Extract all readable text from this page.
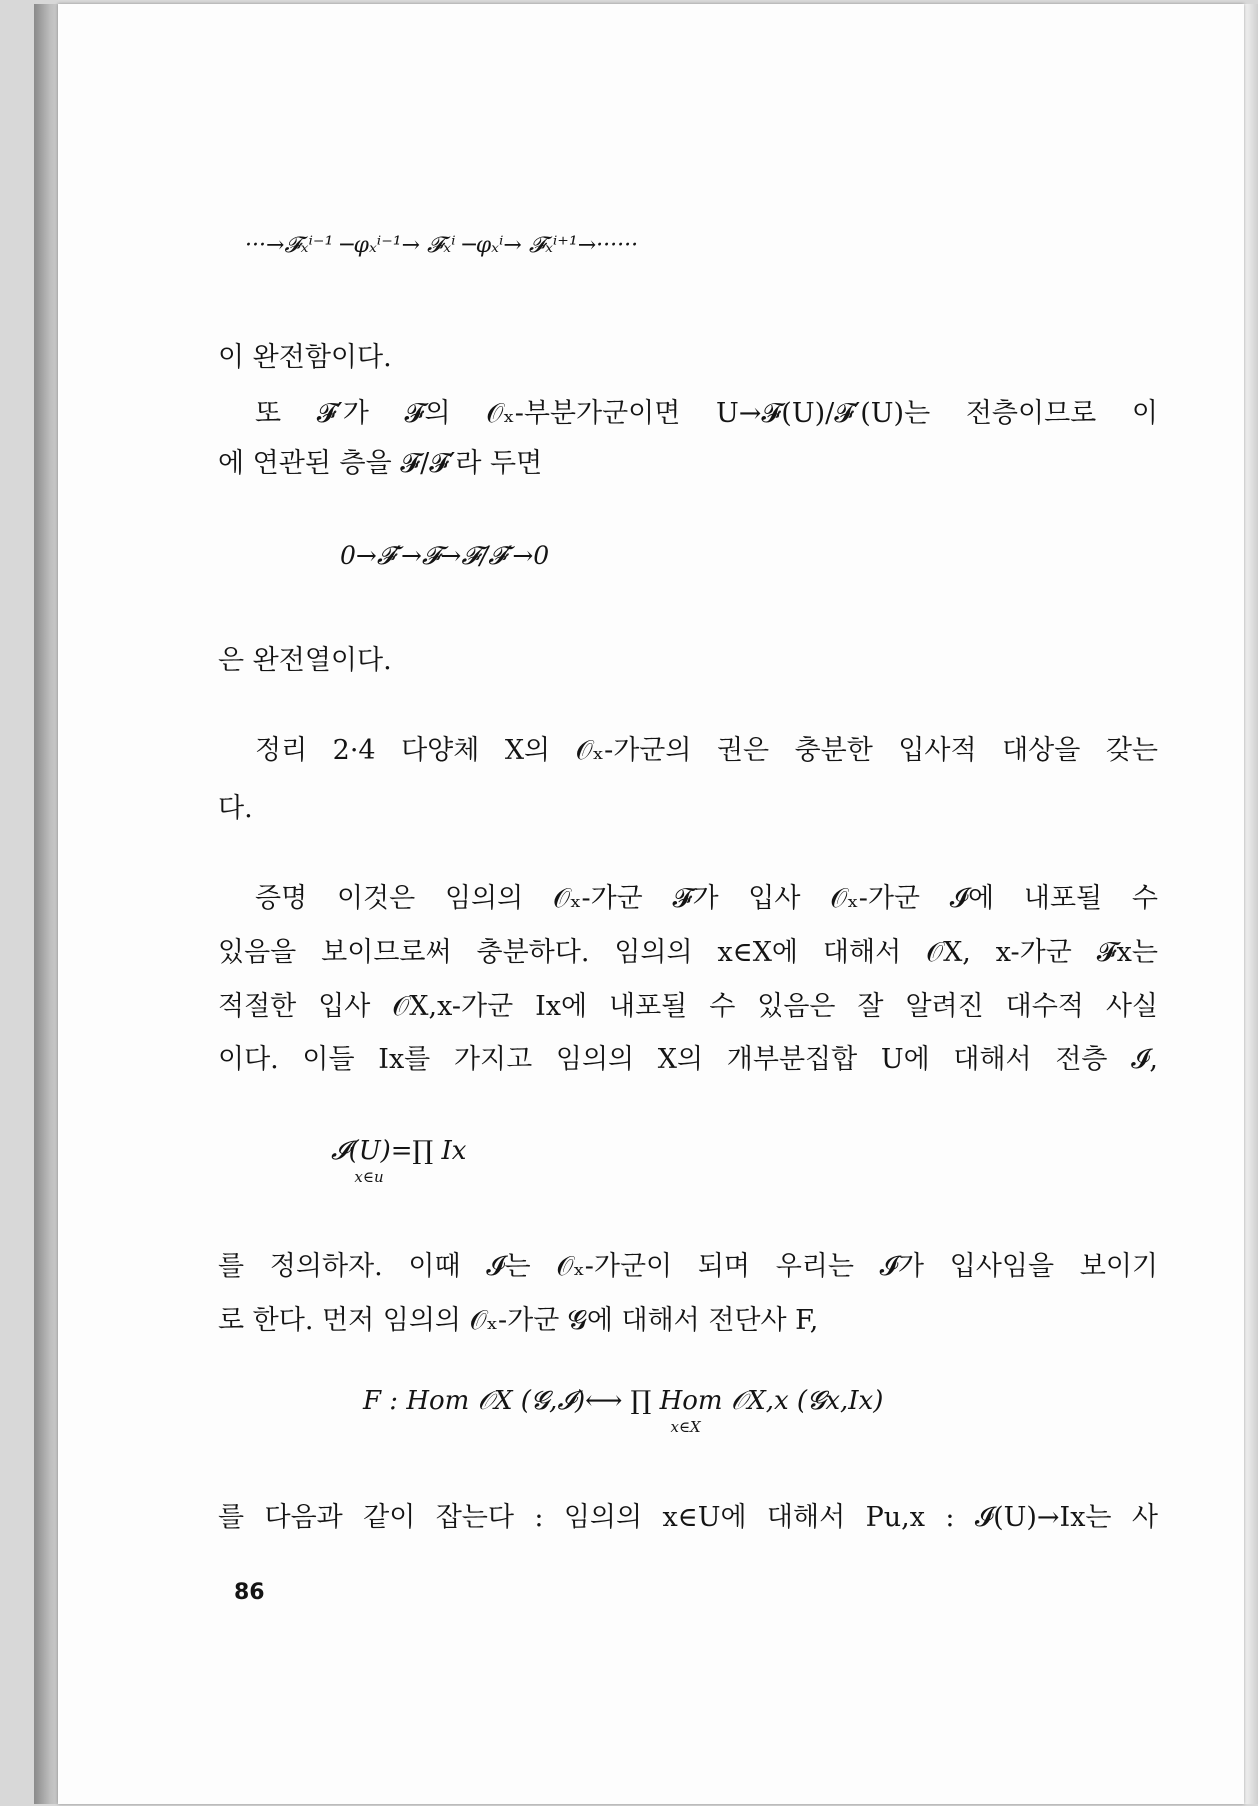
···→𝓕ₓⁱ⁻¹ ─φₓⁱ⁻¹→ 𝓕ₓⁱ ─φₓⁱ→ 𝓕ₓⁱ⁺¹→······
이 완전함이다.
또 𝓕′가 𝓕의 𝒪ₓ-부분가군이면 U→𝓕(U)/𝓕′(U)는 전층이므로 이
에 연관된 층을 𝓕/𝓕′라 두면
0→𝓕′→𝓕→𝓕/𝓕′→0
은 완전열이다.
정리 2·4 다양체 X의 𝒪ₓ-가군의 권은 충분한 입사적 대상을 갖는
다.
증명 이것은 임의의 𝒪ₓ-가군 𝓕가 입사 𝒪ₓ-가군 𝓘에 내포될 수
있음을 보이므로써 충분하다. 임의의 x∈X에 대해서 𝒪X, x-가군 𝓕x는
적절한 입사 𝒪X,x-가군 Ix에 내포될 수 있음은 잘 알려진 대수적 사실
이다. 이들 Ix를 가지고 임의의 X의 개부분집합 U에 대해서 전층 𝓘,
𝓘(U)=∏ Ix
x∈u
를 정의하자. 이때 𝓘는 𝒪ₓ-가군이 되며 우리는 𝓘가 입사임을 보이기
로 한다. 먼저 임의의 𝒪ₓ-가군 𝓖에 대해서 전단사 F,
F : Hom 𝒪X (𝓖,𝓘)⟷ ∏ Hom 𝒪X,x (𝓖x,Ix)
x∈X
를 다음과 같이 잡는다 : 임의의 x∈U에 대해서 Pu,x : 𝓘(U)→Ix는 사
86
